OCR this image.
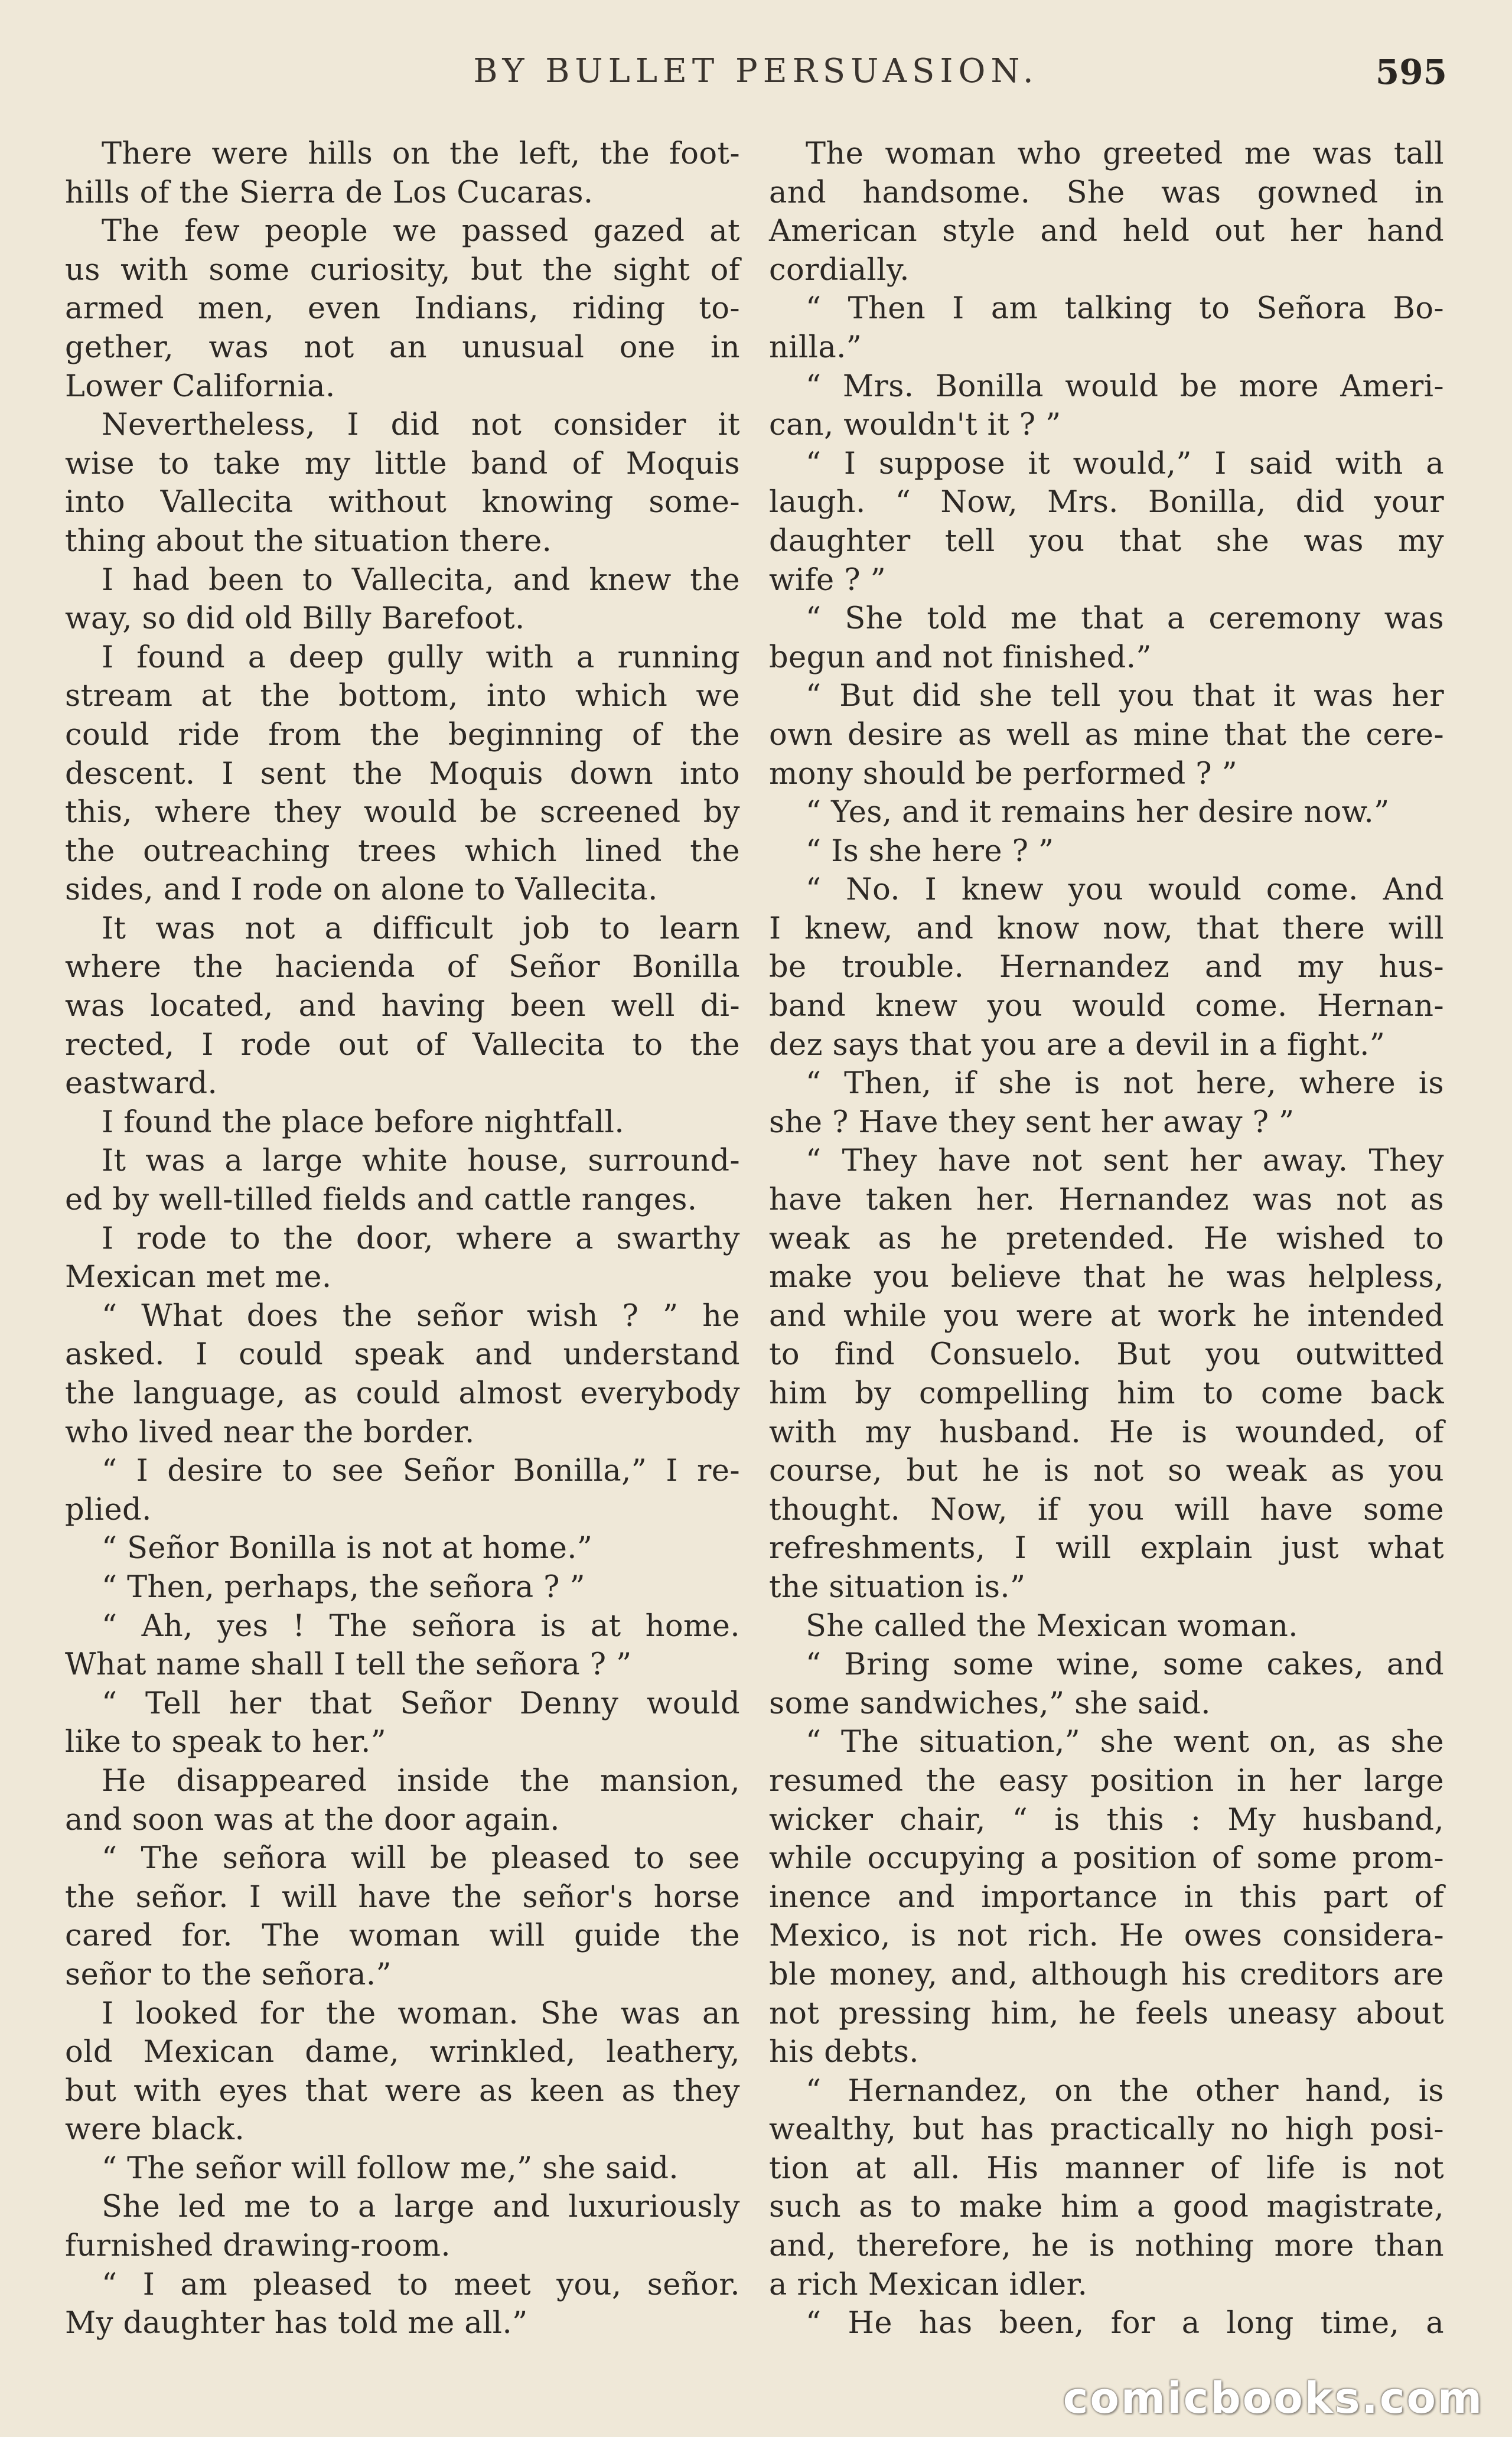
BY BULLET PERSUASION.	595
There were hills on the left, the foot-
hills of the Sierra de Los Cucaras.
The few people we passed gazed at
us with some curiosity, but the sight of
armed men, even Indians, riding to-
gether, was not an unusual one in
Lower California.
Nevertheless, I did not consider it
wise to take my little band of Moquis
into Vallecita without knowing some-
thing about the situation there.
I had been to Vallecita, and knew the
way, so did old Billy Barefoot.
I found a deep gully with a running
stream at the bottom, into which we
could ride from the beginning of the
descent. I sent the Moquis down into
this, where they would be screened by
the outreaching trees which lined the
sides, and I rode on alone to Vallecita.
It was not a difficult job to learn
where the hacienda of Señor Bonilla
was located, and having been well di-
rected, I rode out of Vallecita to the
eastward.
I found the place before nightfall.
It was a large white house, surround-
ed by well-tilled fields and cattle ranges.
I rode to the door, where a swarthy
Mexican met me.
“ What does the señor wish ? ” he
asked. I could speak and understand
the language, as could almost everybody
who lived near the border.
“ I desire to see Señor Bonilla,” I re-
plied.
“ Señor Bonilla is not at home.”
“ Then, perhaps, the señora ? ”
“ Ah, yes ! The señora is at home.
What name shall I tell the señora ? ”
“ Tell her that Señor Denny would
like to speak to her.”
He disappeared inside the mansion,
and soon was at the door again.
“ The señora will be pleased to see
the señor. I will have the señor's horse
cared for. The woman will guide the
señor to the señora.”
I looked for the woman. She was an
old Mexican dame, wrinkled, leathery,
but with eyes that were as keen as they
were black.
“ The señor will follow me,” she said.
She led me to a large and luxuriously
furnished drawing-room.
“ I am pleased to meet you, señor.
My daughter has told me all.”
The woman who greeted me was tall
and handsome. She was gowned in
American style and held out her hand
cordially.
“ Then I am talking to Señora Bo-
nilla.”
“ Mrs. Bonilla would be more Ameri-
can, wouldn't it ? ”
“ I suppose it would,” I said with a
laugh. “ Now, Mrs. Bonilla, did your
daughter tell you that she was my
wife ? ”
“ She told me that a ceremony was
begun and not finished.”
“ But did she tell you that it was her
own desire as well as mine that the cere-
mony should be performed ? ”
“ Yes, and it remains her desire now.”
“ Is she here ? ”
“ No. I knew you would come. And
I knew, and know now, that there will
be trouble. Hernandez and my hus-
band knew you would come. Hernan-
dez says that you are a devil in a fight.”
“ Then, if she is not here, where is
she ? Have they sent her away ? ”
“ They have not sent her away. They
have taken her. Hernandez was not as
weak as he pretended. He wished to
make you believe that he was helpless,
and while you were at work he intended
to find Consuelo. But you outwitted
him by compelling him to come back
with my husband. He is wounded, of
course, but he is not so weak as you
thought. Now, if you will have some
refreshments, I will explain just what
the situation is.”
She called the Mexican woman.
“ Bring some wine, some cakes, and
some sandwiches,” she said.
“ The situation,” she went on, as she
resumed the easy position in her large
wicker chair, “ is this : My husband,
while occupying a position of some prom-
inence and importance in this part of
Mexico, is not rich. He owes considera-
ble money, and, although his creditors are
not pressing him, he feels uneasy about
his debts.
“ Hernandez, on the other hand, is
wealthy, but has practically no high posi-
tion at all. His manner of life is not
such as to make him a good magistrate,
and, therefore, he is nothing more than
a rich Mexican idler.
“ He has been, for a long time, a
comicbooks.com
